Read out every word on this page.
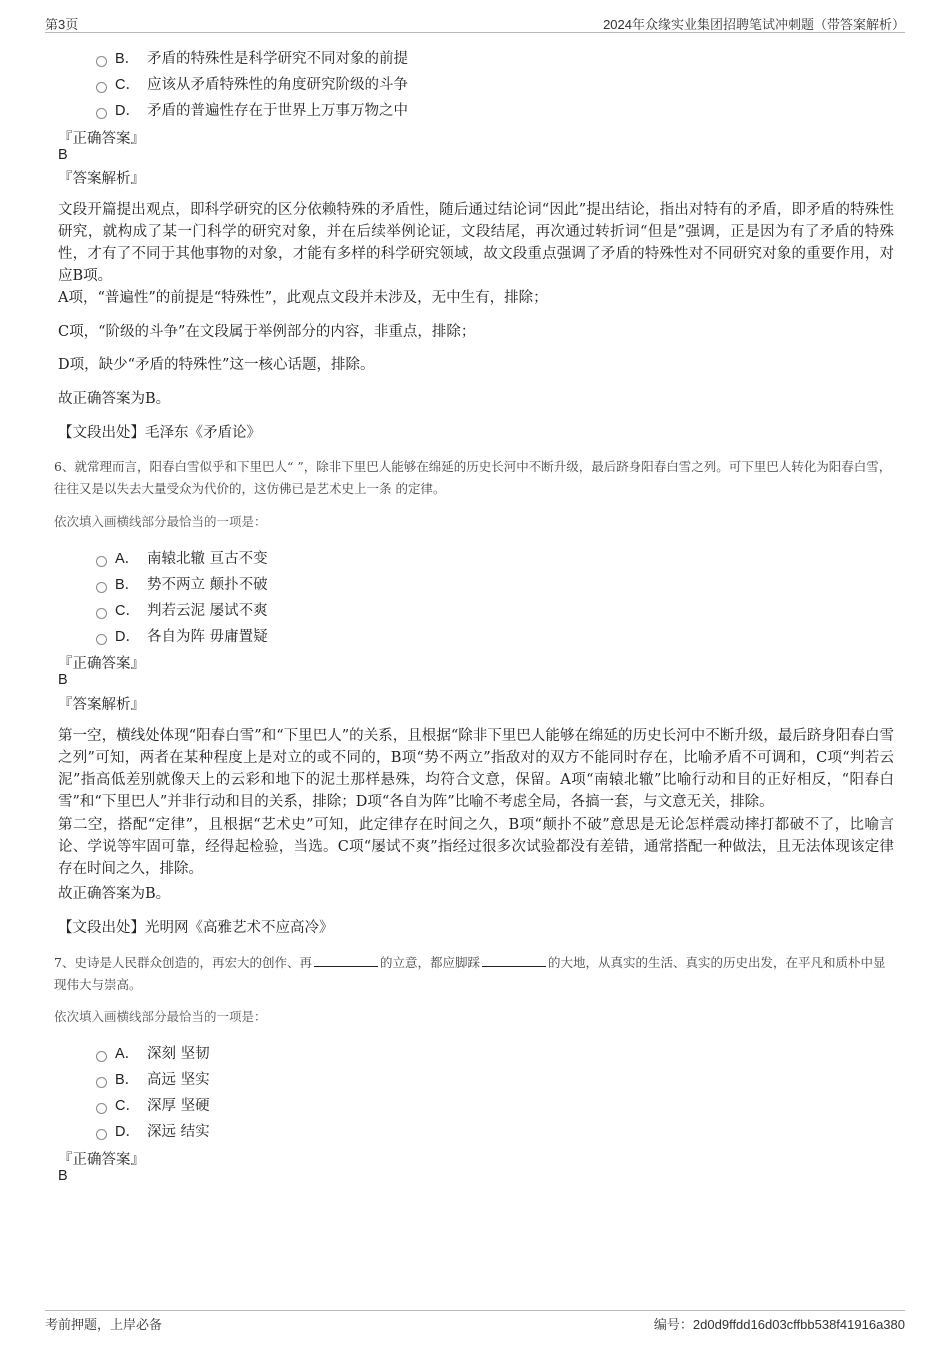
第3页	2024年众缘实业集团招聘笔试冲刺题（带答案解析）
B． 矛盾的特殊性是科学研究不同对象的前提
C． 应该从矛盾特殊性的角度研究阶级的斗争
D． 矛盾的普遍性存在于世界上万事万物之中
『正确答案』
B
『答案解析』
文段开篇提出观点，即科学研究的区分依赖特殊的矛盾性，随后通过结论词“因此”提出结论，指出对特有的矛盾，即矛盾的特殊性研究，就构成了某一门科学的研究对象，并在后续举例论证，文段结尾，再次通过转折词“但是”强调，正是因为有了矛盾的特殊性，才有了不同于其他事物的对象，才能有多样的科学研究领域，故文段重点强调了矛盾的特殊性对不同研究对象的重要作用，对应B项。
A项，“普遍性”的前提是“特殊性”，此观点文段并未涉及，无中生有，排除；
C项，“阶级的斗争”在文段属于举例部分的内容，非重点，排除；
D项，缺少“矛盾的特殊性”这一核心话题，排除。
故正确答案为B。
【文段出处】毛泽东《矛盾论》
6、就常理而言，阳春白雪似乎和下里巴人“ ”，除非下里巴人能够在绵延的历史长河中不断升级，最后跻身阳春白雪之列。可下里巴人转化为阳春白雪，往往又是以失去大量受众为代价的，这仿佛已是艺术史上一条 的定律。
依次填入画横线部分最恰当的一项是：
A． 南辕北辙 亘古不变
B． 势不两立 颠扑不破
C． 判若云泥 屡试不爽
D． 各自为阵 毋庸置疑
『正确答案』
B
『答案解析』
第一空，横线处体现“阳春白雪”和“下里巴人”的关系，且根据“除非下里巴人能够在绵延的历史长河中不断升级，最后跻身阳春白雪之列”可知，两者在某种程度上是对立的或不同的，B项“势不两立”指敌对的双方不能同时存在，比喻矛盾不可调和，C项“判若云泥”指高低差别就像天上的云彩和地下的泥土那样悬殊，均符合文意，保留。A项“南辕北辙”比喻行动和目的正好相反，“阳春白雪”和“下里巴人”并非行动和目的关系，排除；D项“各自为阵”比喻不考虑全局，各搞一套，与文意无关，排除。
第二空，搭配“定律”，且根据“艺术史”可知，此定律存在时间之久，B项“颠扑不破”意思是无论怎样震动摔打都破不了，比喻言论、学说等牢固可靠，经得起检验，当选。C项“屡试不爽”指经过很多次试验都没有差错，通常搭配一种做法，且无法体现该定律存在时间之久，排除。
故正确答案为B。
【文段出处】光明网《高雅艺术不应高冷》
7、史诗是人民群众创造的，再宏大的创作、再	的立意，都应脚踩	的大地，从真实的生活、真实的历史出发，在平凡和质朴中显现伟大与崇高。
依次填入画横线部分最恰当的一项是：
A． 深刻 坚韧
B． 高远 坚实
C． 深厚 坚硬
D． 深远 结实
『正确答案』
B
考前押题，上岸必备	编号：2d0d9ffdd16d03cffbb538f41916a380
